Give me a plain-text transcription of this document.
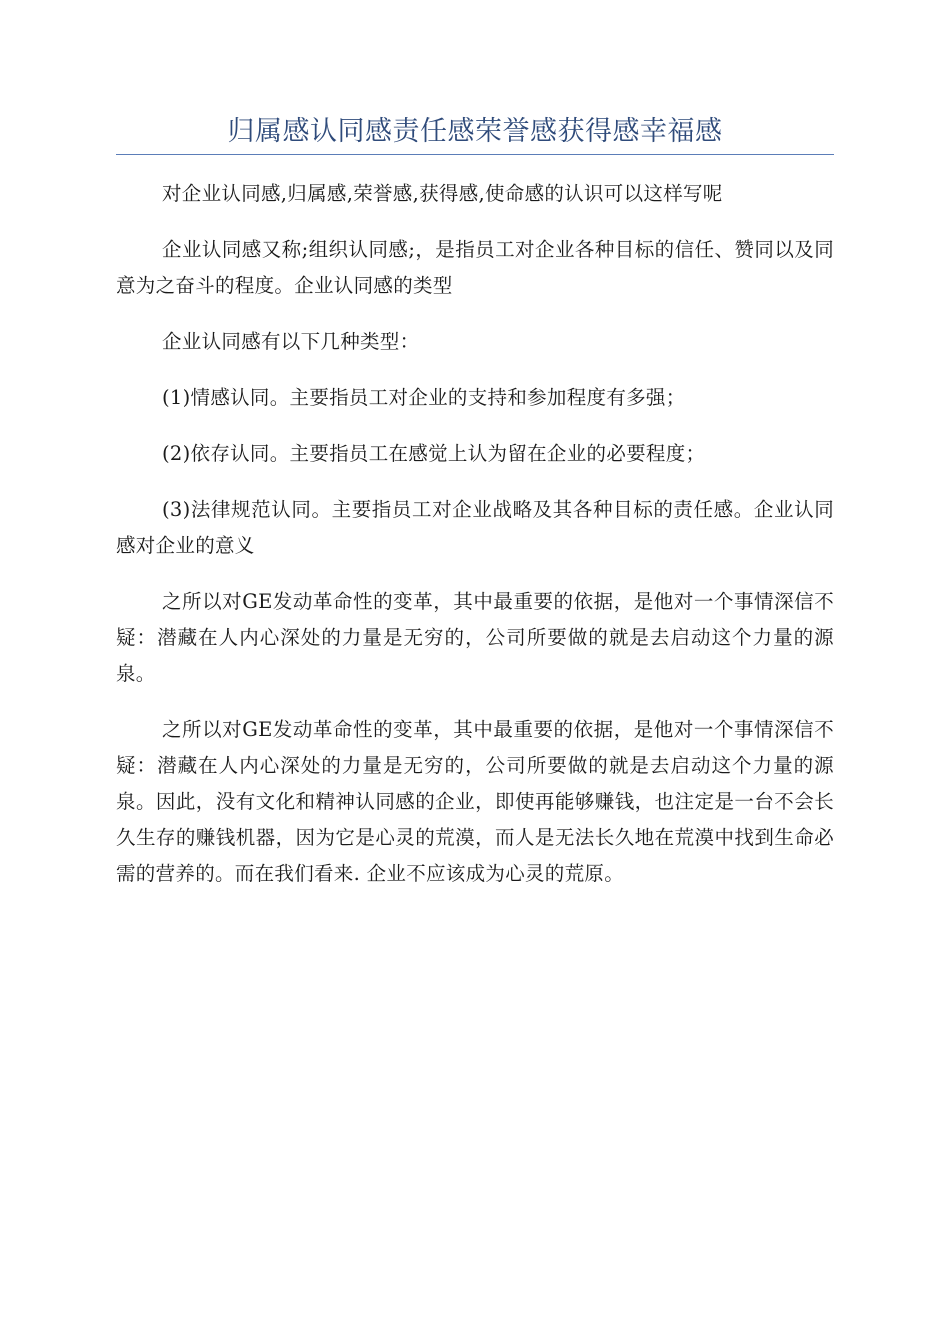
归属感认同感责任感荣誉感获得感幸福感

对企业认同感,归属感,荣誉感,获得感,使命感的认识可以这样写呢

企业认同感又称;组织认同感;，是指员工对企业各种目标的信任、赞同以及同意为之奋斗的程度。企业认同感的类型

企业认同感有以下几种类型：

(1)情感认同。主要指员工对企业的支持和参加程度有多强；

(2)依存认同。主要指员工在感觉上认为留在企业的必要程度；

(3)法律规范认同。主要指员工对企业战略及其各种目标的责任感。企业认同感对企业的意义

之所以对GE发动革命性的变革，其中最重要的依据，是他对一个事情深信不疑：潜藏在人内心深处的力量是无穷的，公司所要做的就是去启动这个力量的源泉。

之所以对GE发动革命性的变革，其中最重要的依据，是他对一个事情深信不疑：潜藏在人内心深处的力量是无穷的，公司所要做的就是去启动这个力量的源泉。因此，没有文化和精神认同感的企业，即使再能够赚钱，也注定是一台不会长久生存的赚钱机器，因为它是心灵的荒漠，而人是无法长久地在荒漠中找到生命必需的营养的。而在我们看来. 企业不应该成为心灵的荒原。
